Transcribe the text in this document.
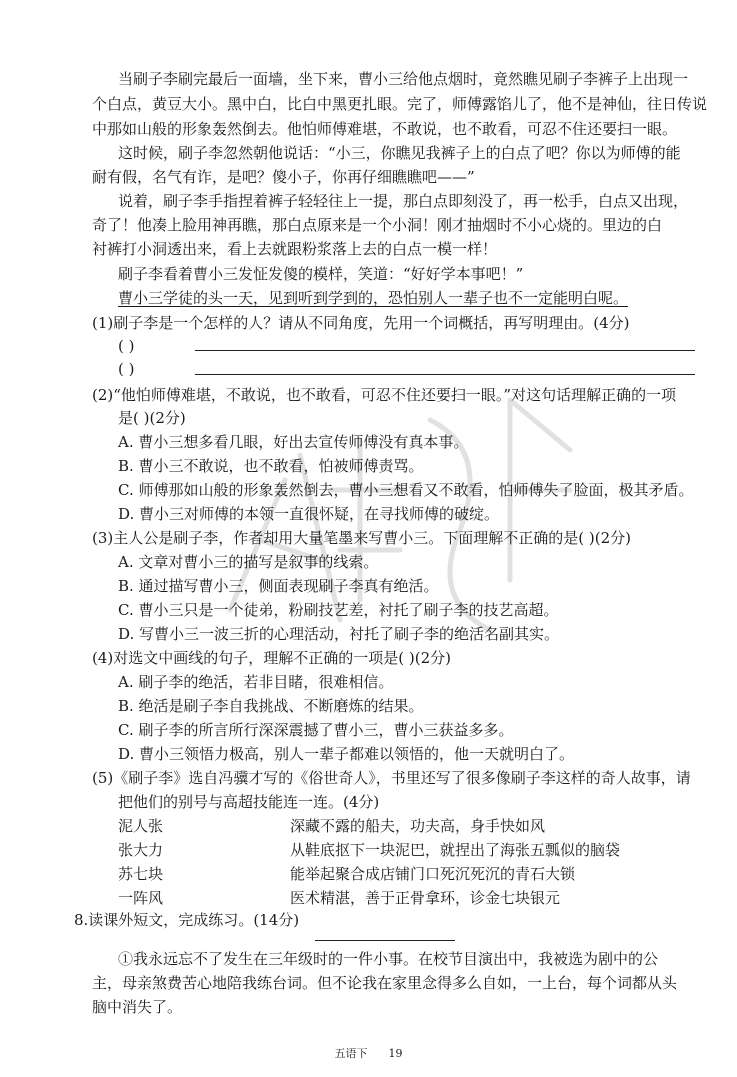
当刷子李刷完最后一面墙，坐下来，曹小三给他点烟时，竟然瞧见刷子李裤子上出现一
个白点，黄豆大小。黑中白，比白中黑更扎眼。完了，师傅露馅儿了，他不是神仙，往日传说
中那如山般的形象轰然倒去。他怕师傅难堪，不敢说，也不敢看，可忍不住还要扫一眼。
这时候，刷子李忽然朝他说话：“小三，你瞧见我裤子上的白点了吧？你以为师傅的能
耐有假，名气有诈，是吧？傻小子，你再仔细瞧瞧吧——”
说着，刷子李手指捏着裤子轻轻往上一提，那白点即刻没了，再一松手，白点又出现，
奇了！他凑上脸用神再瞧，那白点原来是一个小洞！刚才抽烟时不小心烧的。里边的白
衬裤打小洞透出来，看上去就跟粉浆落上去的白点一模一样！
刷子李看着曹小三发怔发傻的模样，笑道：“好好学本事吧！”
曹小三学徒的头一天，见到听到学到的，恐怕别人一辈子也不一定能明白呢。
(1)刷子李是一个怎样的人？请从不同角度，先用一个词概括，再写明理由。(4分)
( )
( )
(2)“他怕师傅难堪，不敢说，也不敢看，可忍不住还要扫一眼。”对这句话理解正确的一项
是( )(2分)
A. 曹小三想多看几眼，好出去宣传师傅没有真本事。
B. 曹小三不敢说，也不敢看，怕被师傅责骂。
C. 师傅那如山般的形象轰然倒去，曹小三想看又不敢看，怕师傅失了脸面，极其矛盾。
D. 曹小三对师傅的本领一直很怀疑，在寻找师傅的破绽。
(3)主人公是刷子李，作者却用大量笔墨来写曹小三。下面理解不正确的是( )(2分)
A. 文章对曹小三的描写是叙事的线索。
B. 通过描写曹小三，侧面表现刷子李真有绝活。
C. 曹小三只是一个徒弟，粉刷技艺差，衬托了刷子李的技艺高超。
D. 写曹小三一波三折的心理活动，衬托了刷子李的绝活名副其实。
(4)对选文中画线的句子，理解不正确的一项是( )(2分)
A. 刷子李的绝活，若非目睹，很难相信。
B. 绝活是刷子李自我挑战、不断磨炼的结果。
C. 刷子李的所言所行深深震撼了曹小三，曹小三获益多多。
D. 曹小三领悟力极高，别人一辈子都难以领悟的，他一天就明白了。
(5)《刷子李》选自冯骥才写的《俗世奇人》，书里还写了很多像刷子李这样的奇人故事，请
把他们的别号与高超技能连一连。(4分)
泥人张	深藏不露的船夫，功夫高，身手快如风
张大力	从鞋底抠下一块泥巴，就捏出了海张五瓢似的脑袋
苏七块	能举起聚合成店铺门口死沉死沉的青石大锁
一阵风	医术精湛，善于正骨拿环，诊金七块银元
8.读课外短文，完成练习。(14分)
①我永远忘不了发生在三年级时的一件小事。在校节目演出中，我被选为剧中的公
主，母亲煞费苦心地陪我练台词。但不论我在家里念得多么自如，一上台，每个词都从头
脑中消失了。
五语下 19
